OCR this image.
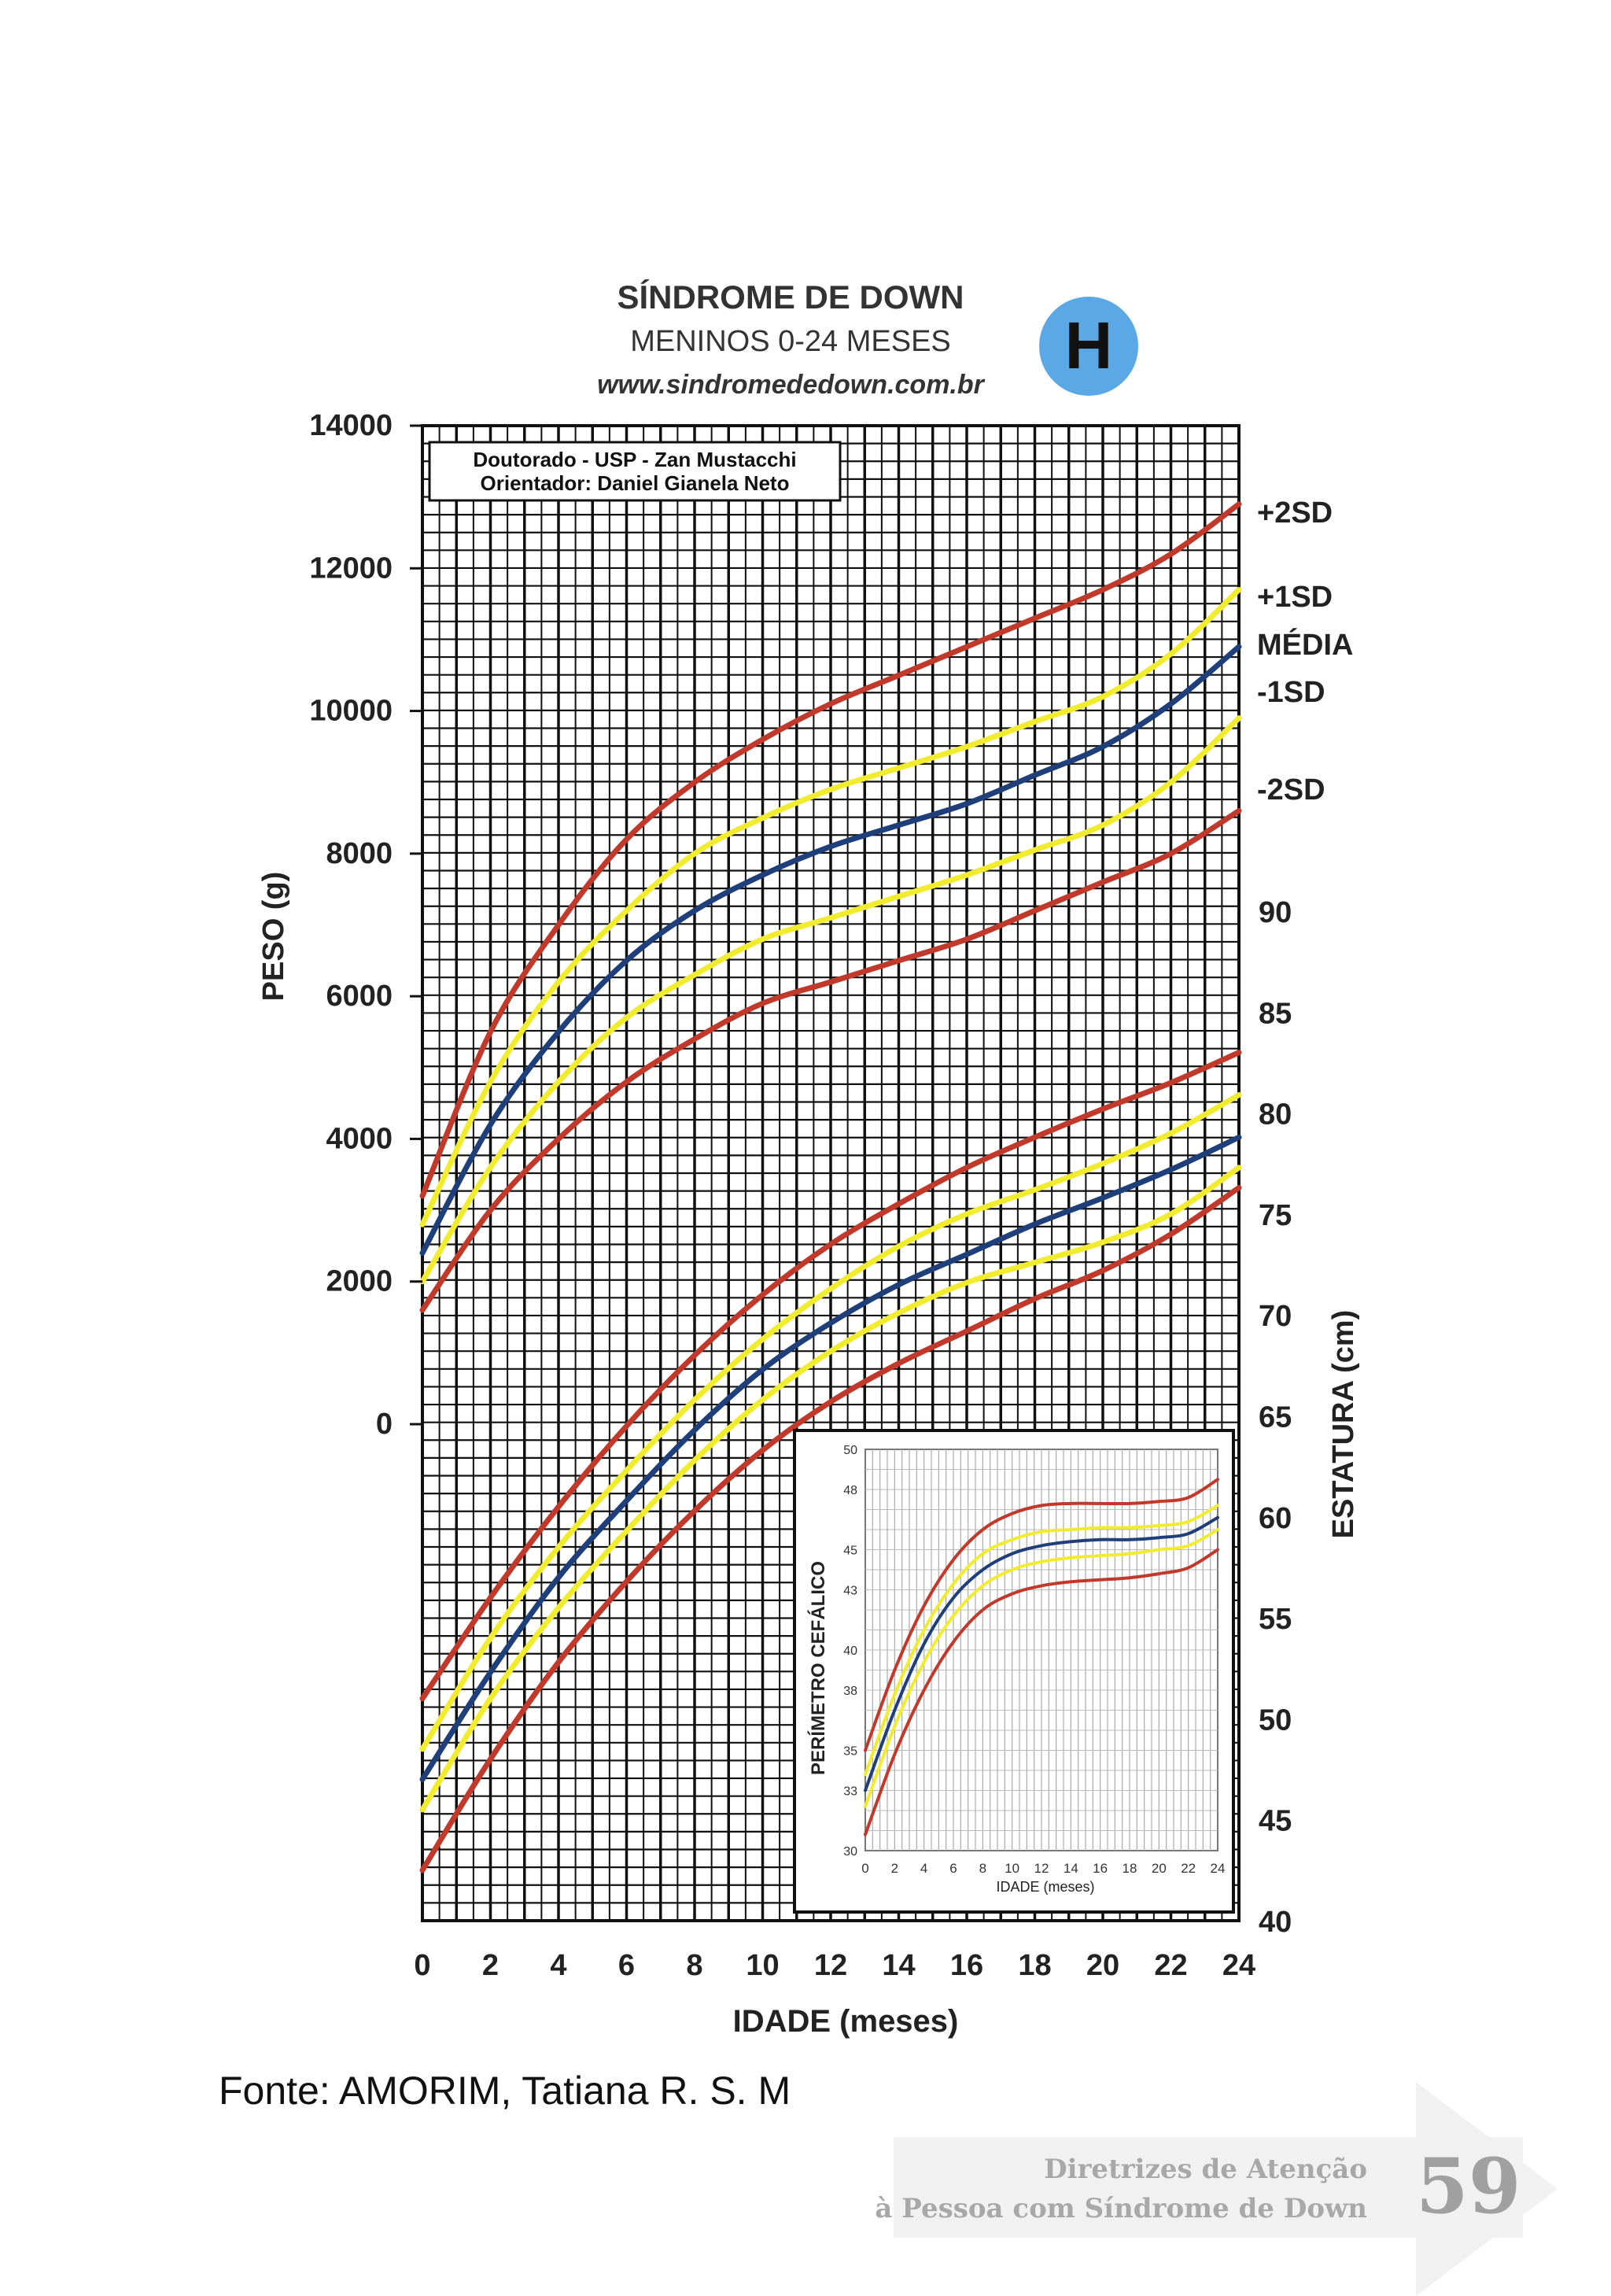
SÍNDROME DE DOWN
MENINOS 0-24 MESES
www.sindromededown.com.br
H
Doutorado - USP - Zan Mustacchi
Orientador: Daniel Gianela Neto
14000
12000
10000
8000
6000
4000
2000
0
90
85
80
75
70
65
60
55
50
45
40
0 2 4 6 8 10 12 14 16 18 20 22 24
+2SD
+1SD
MÉDIA
-1SD
-2SD
PESO (g)
ESTATURA (cm)
IDADE (meses)
50
48
45
43
40
38
35
33
30
0 2 4 6 8 10 12 14 16 18 20 22 24
PERÍMETRO CEFÁLICO
IDADE (meses)
Fonte: AMORIM, Tatiana R. S. M
Diretrizes de Atenção
à Pessoa com Síndrome de Down 59
